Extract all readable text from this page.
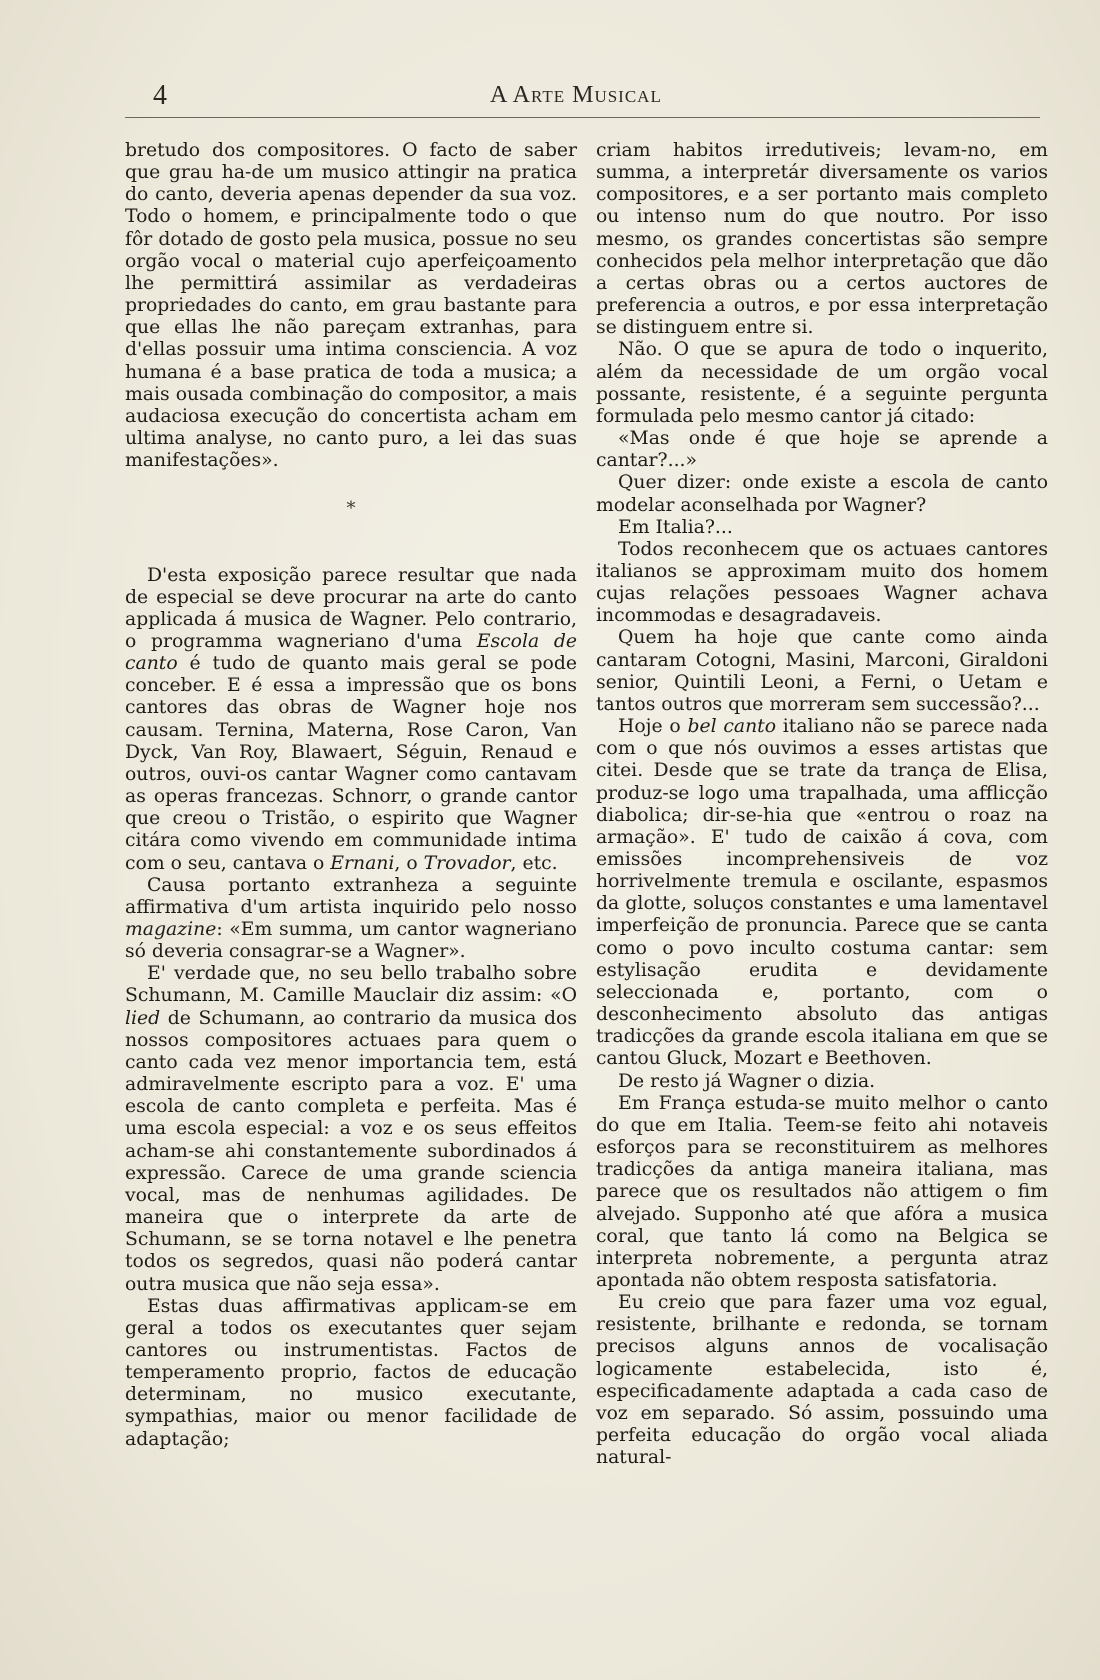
4	A Arte Musical

bretudo dos compositores. O facto de saber que grau ha-de um musico attingir na pratica do canto, deveria apenas depender da sua voz. Todo o homem, e principalmente todo o que fôr dotado de gosto pela musica, possue no seu orgão vocal o material cujo aperfeiçoamento lhe permittirá assimilar as verdadeiras propriedades do canto, em grau bastante para que ellas lhe não pareçam extranhas, para d'ellas possuir uma intima consciencia. A voz humana é a base pratica de toda a musica; a mais ousada combinação do compositor, a mais audaciosa execução do concertista acham em ultima analyse, no canto puro, a lei das suas manifestações».

*

D'esta exposição parece resultar que nada de especial se deve procurar na arte do canto applicada á musica de Wagner. Pelo contrario, o programma wagneriano d'uma Escola de canto é tudo de quanto mais geral se pode conceber. E é essa a impressão que os bons cantores das obras de Wagner hoje nos causam. Ternina, Materna, Rose Caron, Van Dyck, Van Roy, Blawaert, Séguin, Renaud e outros, ouvi-os cantar Wagner como cantavam as operas francezas. Schnorr, o grande cantor que creou o Tristão, o espirito que Wagner citára como vivendo em communidade intima com o seu, cantava o Ernani, o Trovador, etc.

Causa portanto extranheza a seguinte affirmativa d'um artista inquirido pelo nosso magazine: «Em summa, um cantor wagneriano só deveria consagrar-se a Wagner».

E' verdade que, no seu bello trabalho sobre Schumann, M. Camille Mauclair diz assim: «O lied de Schumann, ao contrario da musica dos nossos compositores actuaes para quem o canto cada vez menor importancia tem, está admiravelmente escripto para a voz. E' uma escola de canto completa e perfeita. Mas é uma escola especial: a voz e os seus effeitos acham-se ahi constantemente subordinados á expressão. Carece de uma grande sciencia vocal, mas de nenhumas agilidades. De maneira que o interprete da arte de Schumann, se se torna notavel e lhe penetra todos os segredos, quasi não poderá cantar outra musica que não seja essa».

Estas duas affirmativas applicam-se em geral a todos os executantes quer sejam cantores ou instrumentistas. Factos de temperamento proprio, factos de educação determinam, no musico executante, sympathias, maior ou menor facilidade de adaptação;

criam habitos irredutiveis; levam-no, em summa, a interpretár diversamente os varios compositores, e a ser portanto mais completo ou intenso num do que noutro. Por isso mesmo, os grandes concertistas são sempre conhecidos pela melhor interpretação que dão a certas obras ou a certos auctores de preferencia a outros, e por essa interpretação se distinguem entre si.

Não. O que se apura de todo o inquerito, além da necessidade de um orgão vocal possante, resistente, é a seguinte pergunta formulada pelo mesmo cantor já citado:

«Mas onde é que hoje se aprende a cantar?...»

Quer dizer: onde existe a escola de canto modelar aconselhada por Wagner?

Em Italia?...

Todos reconhecem que os actuaes cantores italianos se approximam muito dos homem cujas relações pessoaes Wagner achava incommodas e desagradaveis.

Quem ha hoje que cante como ainda cantaram Cotogni, Masini, Marconi, Giraldoni senior, Quintili Leoni, a Ferni, o Uetam e tantos outros que morreram sem successão?...

Hoje o bel canto italiano não se parece nada com o que nós ouvimos a esses artistas que citei. Desde que se trate da trança de Elisa, produz-se logo uma trapalhada, uma afflicção diabolica; dir-se-hia que «entrou o roaz na armação». E' tudo de caixão á cova, com emissões incomprehensiveis de voz horrivelmente tremula e oscilante, espasmos da glotte, soluços constantes e uma lamentavel imperfeição de pronuncia. Parece que se canta como o povo inculto costuma cantar: sem estylisação erudita e devidamente seleccionada e, portanto, com o desconhecimento absoluto das antigas tradicções da grande escola italiana em que se cantou Gluck, Mozart e Beethoven.

De resto já Wagner o dizia.

Em França estuda-se muito melhor o canto do que em Italia. Teem-se feito ahi notaveis esforços para se reconstituirem as melhores tradicções da antiga maneira italiana, mas parece que os resultados não attigem o fim alvejado. Supponho até que afóra a musica coral, que tanto lá como na Belgica se interpreta nobremente, a pergunta atraz apontada não obtem resposta satisfatoria.

Eu creio que para fazer uma voz egual, resistente, brilhante e redonda, se tornam precisos alguns annos de vocalisação logicamente estabelecida, isto é, especificadamente adaptada a cada caso de voz em separado. Só assim, possuindo uma perfeita educação do orgão vocal aliada natural-
